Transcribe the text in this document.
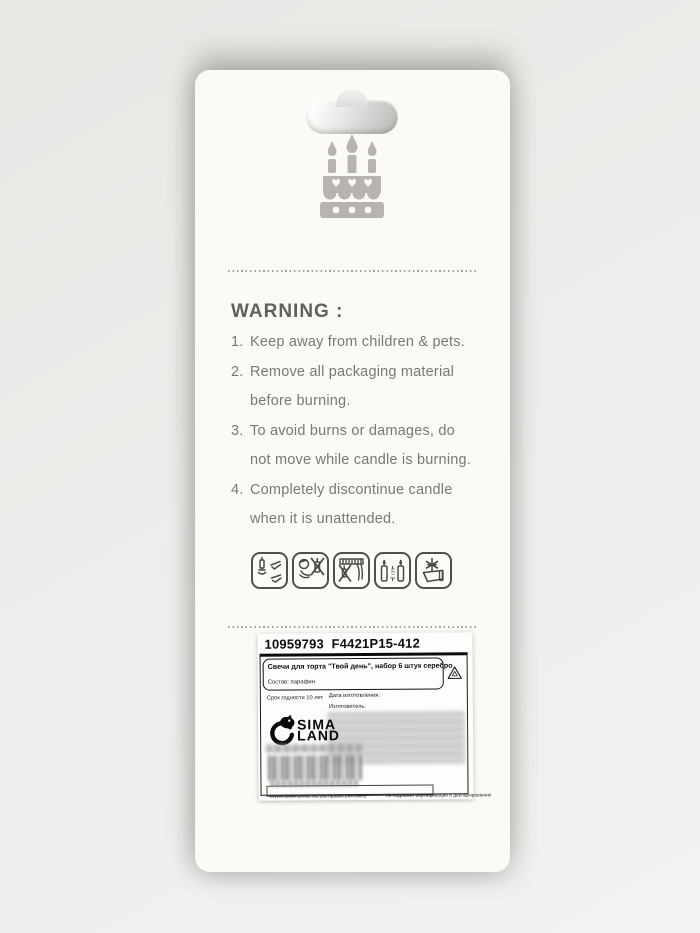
♥ ♥ ♥
WARNING :
1. Keep away from children & pets.
2. Remove all packaging material
before burning.
3. To avoid burns or damages, do
not move while candle is burning.
4. Completely discontinue candle
when it is unattended.
2 cm
10959793  F4421P15-412
Свечи для торта "Твой день", набор 6 штук серебро
Состав: парафин
Срок годности 10 лет Дата изготовления:
Изготовитель:
SIMA
LAND
WWW.SIMA-LAND.RU (на правах рекламы)	Не подлежит сертификации и декларированию
